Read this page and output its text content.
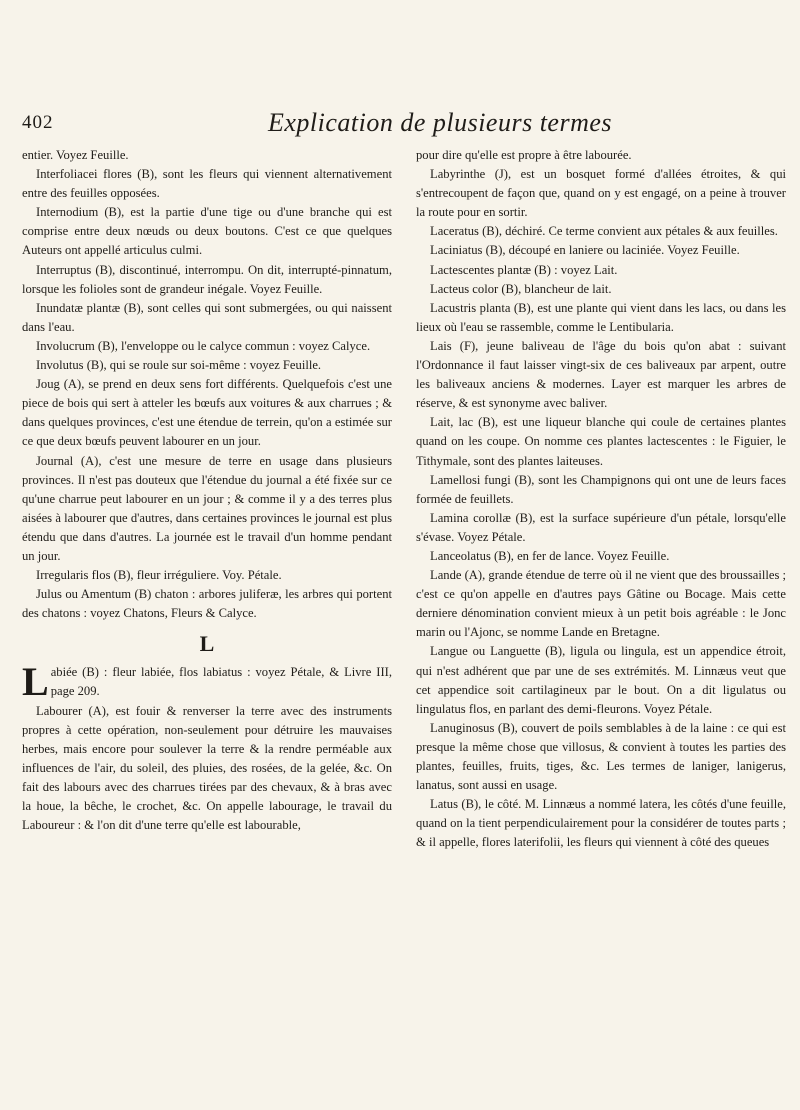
402	Explication de plusieurs termes

entier. Voyez Feuille.

Interfoliacei flores (B), sont les fleurs qui viennent alternativement entre des feuilles opposées.

Internodium (B), est la partie d'une tige ou d'une branche qui est comprise entre deux nœuds ou deux boutons. C'est ce que quelques Auteurs ont appellé articulus culmi.

Interruptus (B), discontinué, interrompu. On dit, interrupté-pinnatum, lorsque les folioles sont de grandeur inégale. Voyez Feuille.

Inundatæ plantæ (B), sont celles qui sont submergées, ou qui naissent dans l'eau.

Involucrum (B), l'enveloppe ou le calyce commun : voyez Calyce.

Involutus (B), qui se roule sur soi-même : voyez Feuille.

Joug (A), se prend en deux sens fort différents. Quelquefois c'est une piece de bois qui sert à atteler les bœufs aux voitures & aux charrues ; & dans quelques provinces, c'est une étendue de terrein, qu'on a estimée sur ce que deux bœufs peuvent labourer en un jour.

Journal (A), c'est une mesure de terre en usage dans plusieurs provinces. Il n'est pas douteux que l'étendue du journal a été fixée sur ce qu'une charrue peut labourer en un jour ; & comme il y a des terres plus aisées à labourer que d'autres, dans certaines provinces le journal est plus étendu que dans d'autres. La journée est le travail d'un homme pendant un jour.

Irregularis flos (B), fleur irréguliere. Voy. Pétale.

Julus ou Amentum (B) chaton : arbores juliferæ, les arbres qui portent des chatons : voyez Chatons, Fleurs & Calyce.

L

Labiée (B) : fleur labiée, flos labiatus : voyez Pétale, & Livre III, page 209.

Labourer (A), est fouir & renverser la terre avec des instruments propres à cette opération, non-seulement pour détruire les mauvaises herbes, mais encore pour soulever la terre & la rendre perméable aux influences de l'air, du soleil, des pluies, des rosées, de la gelée, &c. On fait des labours avec des charrues tirées par des chevaux, & à bras avec la houe, la bêche, le crochet, &c. On appelle labourage, le travail du Laboureur : & l'on dit d'une terre qu'elle est labourable,

pour dire qu'elle est propre à être labourée.

Labyrinthe (J), est un bosquet formé d'allées étroites, & qui s'entrecoupent de façon que, quand on y est engagé, on a peine à trouver la route pour en sortir.

Laceratus (B), déchiré. Ce terme convient aux pétales & aux feuilles.

Laciniatus (B), découpé en laniere ou laciniée. Voyez Feuille.

Lactescentes plantæ (B) : voyez Lait.

Lacteus color (B), blancheur de lait.

Lacustris planta (B), est une plante qui vient dans les lacs, ou dans les lieux où l'eau se rassemble, comme le Lentibularia.

Lais (F), jeune baliveau de l'âge du bois qu'on abat : suivant l'Ordonnance il faut laisser vingt-six de ces baliveaux par arpent, outre les baliveaux anciens & modernes. Layer est marquer les arbres de réserve, & est synonyme avec baliver.

Lait, lac (B), est une liqueur blanche qui coule de certaines plantes quand on les coupe. On nomme ces plantes lactescentes : le Figuier, le Tithymale, sont des plantes laiteuses.

Lamellosi fungi (B), sont les Champignons qui ont une de leurs faces formée de feuillets.

Lamina corollæ (B), est la surface supérieure d'un pétale, lorsqu'elle s'évase. Voyez Pétale.

Lanceolatus (B), en fer de lance. Voyez Feuille.

Lande (A), grande étendue de terre où il ne vient que des broussailles ; c'est ce qu'on appelle en d'autres pays Gâtine ou Bocage. Mais cette derniere dénomination convient mieux à un petit bois agréable : le Jonc marin ou l'Ajonc, se nomme Lande en Bretagne.

Langue ou Languette (B), ligula ou lingula, est un appendice étroit, qui n'est adhérent que par une de ses extrémités. M. Linnæus veut que cet appendice soit cartilagineux par le bout. On a dit ligulatus ou lingulatus flos, en parlant des demi-fleurons. Voyez Pétale.

Lanuginosus (B), couvert de poils semblables à de la laine : ce qui est presque la même chose que villosus, & convient à toutes les parties des plantes, feuilles, fruits, tiges, &c. Les termes de laniger, lanigerus, lanatus, sont aussi en usage.

Latus (B), le côté. M. Linnæus a nommé latera, les côtés d'une feuille, quand on la tient perpendiculairement pour la considérer de toutes parts ; & il appelle, flores laterifolii, les fleurs qui viennent à côté des queues
